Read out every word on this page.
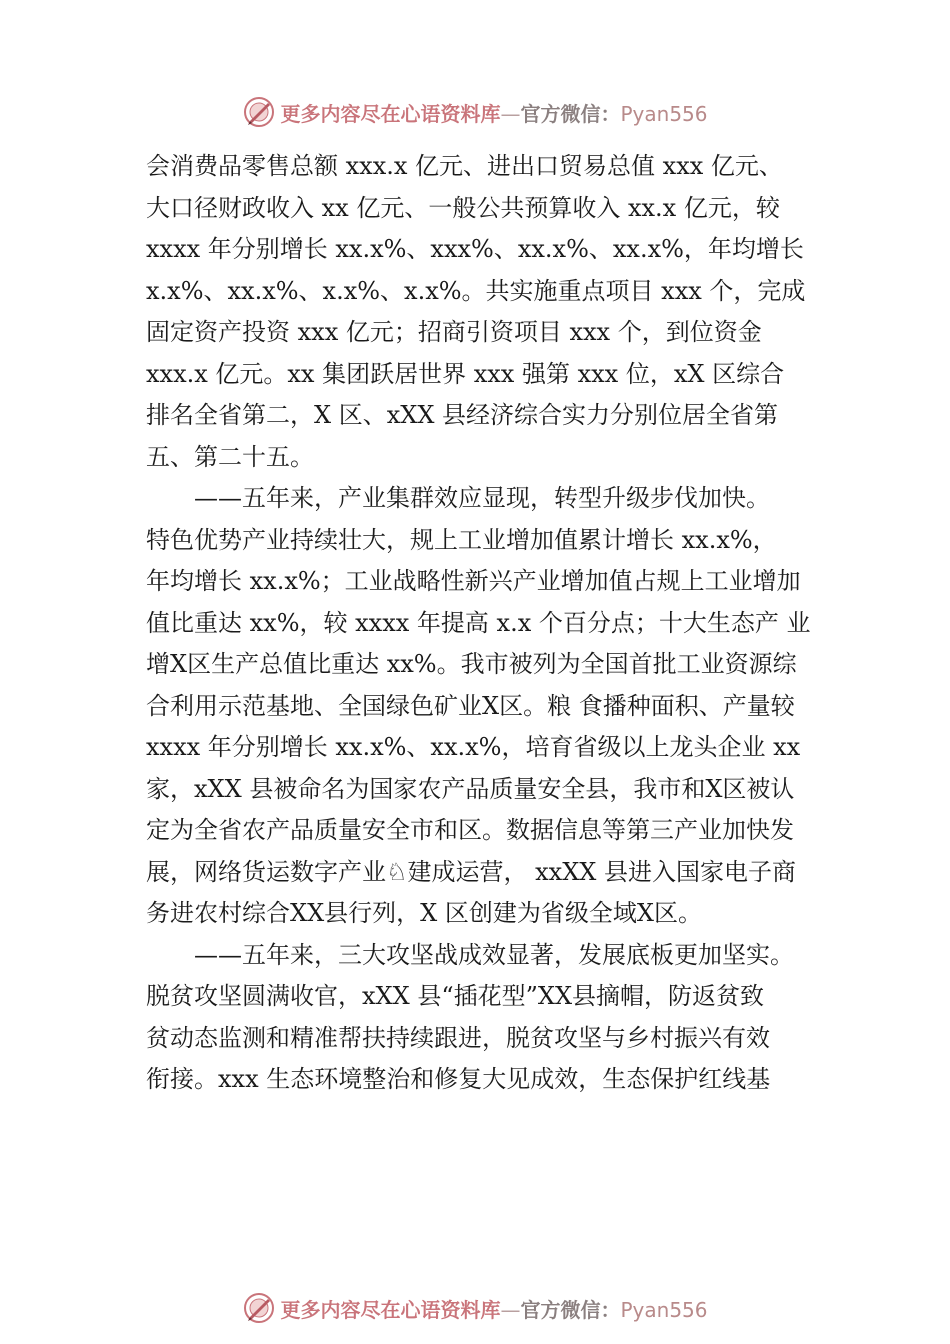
更多内容尽在心语资料库—官方微信：Pyan556
会消费品零售总额 xxx.x 亿元、进出口贸易总值 xxx 亿元、
大口径财政收入 xx 亿元、一般公共预算收入 xx.x 亿元，较
xxxx 年分别增长 xx.x%、xxx%、xx.x%、xx.x%，年均增长
x.x%、xx.x%、x.x%、x.x%。共实施重点项目 xxx 个，完成
固定资产投资 xxx 亿元；招商引资项目 xxx 个，到位资金
xxx.x 亿元。xx 集团跃居世界 xxx 强第 xxx 位，xX 区综合
排名全省第二，X 区、xXX 县经济综合实力分别位居全省第
五、第二十五。
——五年来，产业集群效应显现，转型升级步伐加快。
特色优势产业持续壮大，规上工业增加值累计增长 xx.x%，
年均增长 xx.x%；工业战略性新兴产业增加值占规上工业增加
值比重达 xx%，较 xxxx 年提高 x.x 个百分点；十大生态产 业
增Ⅹ区生产总值比重达 xx%。我市被列为全国首批工业资源综
合利用示范基地、全国绿色矿业Ⅹ区。粮 食播种面积、产量较
xxxx 年分别增长 xx.x%、xx.x%，培育省级以上龙头企业 xx
家，xXX 县被命名为国家农产品质量安全县，我市和Ⅹ区被认
定为全省农产品质量安全市和区。数据信息等第三产业加快发
展，网络货运数字产业♘建成运营， xxXX 县进入国家电子商
务进农村综合ⅩⅩ县行列，X 区创建为省级全域Ⅹ区。
——五年来，三大攻坚战成效显著，发展底板更加坚实。
脱贫攻坚圆满收官，xXX 县“插花型”ⅩⅩ县摘帽，防返贫致
贫动态监测和精准帮扶持续跟进，脱贫攻坚与乡村振兴有效
衔接。xxx 生态环境整治和修复大见成效，生态保护红线基
更多内容尽在心语资料库—官方微信：Pyan556
